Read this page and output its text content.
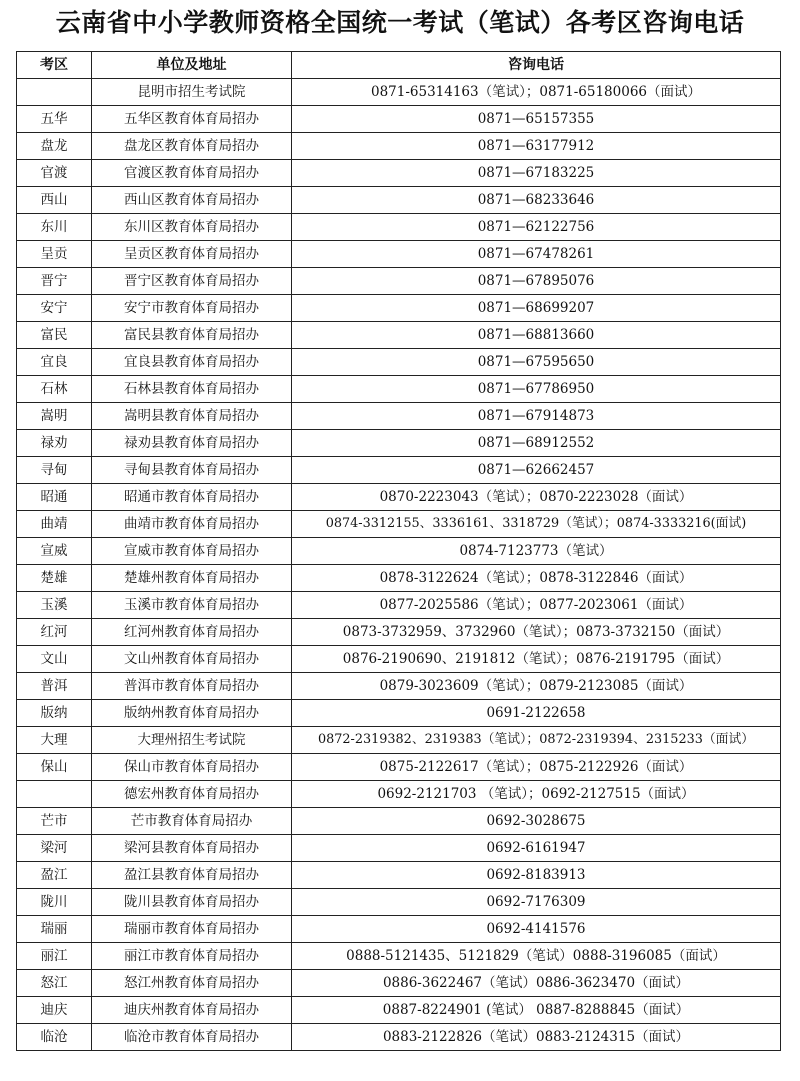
云南省中小学教师资格全国统一考试（笔试）各考区咨询电话
考区	单位及地址	咨询电话
	昆明市招生考试院	0871-65314163（笔试）；0871-65180066（面试）
五华	五华区教育体育局招办	0871—65157355
盘龙	盘龙区教育体育局招办	0871—63177912
官渡	官渡区教育体育局招办	0871—67183225
西山	西山区教育体育局招办	0871—68233646
东川	东川区教育体育局招办	0871—62122756
呈贡	呈贡区教育体育局招办	0871—67478261
晋宁	晋宁区教育体育局招办	0871—67895076
安宁	安宁市教育体育局招办	0871—68699207
富民	富民县教育体育局招办	0871—68813660
宜良	宜良县教育体育局招办	0871—67595650
石林	石林县教育体育局招办	0871—67786950
嵩明	嵩明县教育体育局招办	0871—67914873
禄劝	禄劝县教育体育局招办	0871—68912552
寻甸	寻甸县教育体育局招办	0871—62662457
昭通	昭通市教育体育局招办	0870-2223043（笔试）；0870-2223028（面试）
曲靖	曲靖市教育体育局招办	0874-3312155、3336161、3318729（笔试）；0874-3333216(面试)
宣威	宣威市教育体育局招办	0874-7123773（笔试）
楚雄	楚雄州教育体育局招办	0878-3122624（笔试）；0878-3122846（面试）
玉溪	玉溪市教育体育局招办	0877-2025586（笔试）；0877-2023061（面试）
红河	红河州教育体育局招办	0873-3732959、3732960（笔试）；0873-3732150（面试）
文山	文山州教育体育局招办	0876-2190690、2191812（笔试）；0876-2191795（面试）
普洱	普洱市教育体育局招办	0879-3023609（笔试）；0879-2123085（面试）
版纳	版纳州教育体育局招办	0691-2122658
大理	大理州招生考试院	0872-2319382、2319383（笔试）；0872-2319394、2315233（面试）
保山	保山市教育体育局招办	0875-2122617（笔试）；0875-2122926（面试）
	德宏州教育体育局招办	0692-2121703 （笔试）；0692-2127515（面试）
芒市	芒市教育体育局招办	0692-3028675
梁河	梁河县教育体育局招办	0692-6161947
盈江	盈江县教育体育局招办	0692-8183913
陇川	陇川县教育体育局招办	0692-7176309
瑞丽	瑞丽市教育体育局招办	0692-4141576
丽江	丽江市教育体育局招办	0888-5121435、5121829（笔试）0888-3196085（面试）
怒江	怒江州教育体育局招办	0886-3622467（笔试）0886-3623470（面试）
迪庆	迪庆州教育体育局招办	0887-8224901 (笔试） 0887-8288845（面试）
临沧	临沧市教育体育局招办	0883-2122826（笔试）0883-2124315（面试）
